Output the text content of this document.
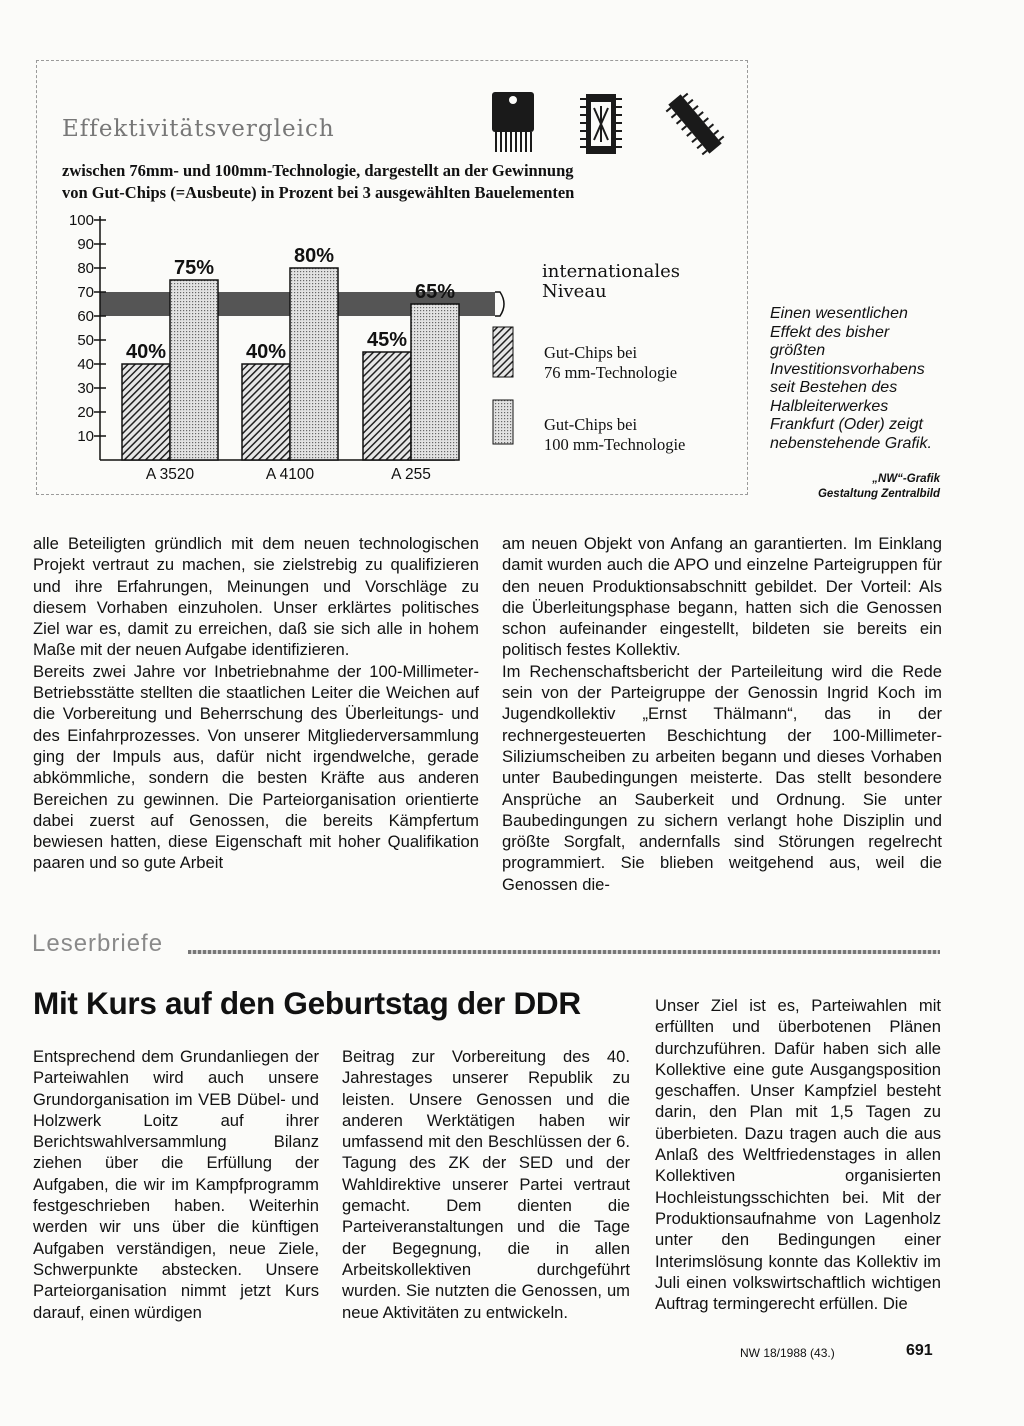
Effektivitätsvergleich
zwischen 76mm- und 100mm-Technologie, dargestellt an der Gewinnung
von Gut-Chips (=Ausbeute) in Prozent bei 3 ausgewählten Bauelementen
10
20
30
40
50
60
70
80
90
100
40%
75%
A 3520
40%
80%
A 4100
45%
65%
A 255
internationales Niveau
Gut-Chips bei 76 mm-Technologie
Gut-Chips bei 100 mm-Technologie
Einen wesentlichen Effekt des bisher größten Investitionsvorhabens seit Bestehen des Halbleiterwerkes Frankfurt (Oder) zeigt nebenstehende Grafik.
„NW“-Grafik
Gestaltung Zentralbild
alle Beteiligten gründlich mit dem neuen technologischen Projekt vertraut zu machen, sie zielstrebig zu qualifizieren und ihre Erfahrungen, Meinungen und Vorschläge zu diesem Vorhaben einzuholen. Unser erklärtes politisches Ziel war es, damit zu erreichen, daß sie sich alle in hohem Maße mit der neuen Aufgabe identifizieren.
Bereits zwei Jahre vor Inbetriebnahme der 100-Millimeter-Betriebsstätte stellten die staatlichen Leiter die Weichen auf die Vorbereitung und Beherrschung des Überleitungs- und des Einfahrprozesses. Von unserer Mitgliederversammlung ging der Impuls aus, dafür nicht irgendwelche, gerade abkömmliche, sondern die besten Kräfte aus anderen Bereichen zu gewinnen. Die Parteiorganisation orientierte dabei zuerst auf Genossen, die bereits Kämpfertum bewiesen hatten, diese Eigenschaft mit hoher Qualifikation paaren und so gute Arbeit
am neuen Objekt von Anfang an garantierten. Im Einklang damit wurden auch die APO und einzelne Parteigruppen für den neuen Produktionsabschnitt gebildet. Der Vorteil: Als die Überleitungsphase begann, hatten sich die Genossen schon aufeinander eingestellt, bildeten sie bereits ein politisch festes Kollektiv.
Im Rechenschaftsbericht der Parteileitung wird die Rede sein von der Parteigruppe der Genossin Ingrid Koch im Jugendkollektiv „Ernst Thälmann“, das in der rechnergesteuerten Beschichtung der 100-Millimeter-Siliziumscheiben zu arbeiten begann und dieses Vorhaben unter Baubedingungen meisterte. Das stellt besondere Ansprüche an Sauberkeit und Ordnung. Sie unter Baubedingungen zu sichern verlangt hohe Disziplin und größte Sorgfalt, andernfalls sind Störungen regelrecht programmiert. Sie blieben weitgehend aus, weil die Genossen die-
Leserbriefe
Mit Kurs auf den Geburtstag der DDR
Entsprechend dem Grundanliegen der Parteiwahlen wird auch unsere Grundorganisation im VEB Dübel- und Holzwerk Loitz auf ihrer Berichtswahlversammlung Bilanz ziehen über die Erfüllung der Aufgaben, die wir im Kampfprogramm festgeschrieben haben. Weiterhin werden wir uns über die künftigen Aufgaben verständigen, neue Ziele, Schwerpunkte abstecken. Unsere Parteiorganisation nimmt jetzt Kurs darauf, einen würdigen
Beitrag zur Vorbereitung des 40. Jahrestages unserer Republik zu leisten. Unsere Genossen und die anderen Werktätigen haben wir umfassend mit den Beschlüssen der 6. Tagung des ZK der SED und der Wahldirektive unserer Partei vertraut gemacht. Dem dienten die Parteiveranstaltungen und die Tage der Begegnung, die in allen Arbeitskollektiven durchgeführt wurden. Sie nutzten die Genossen, um neue Aktivitäten zu entwickeln.
Unser Ziel ist es, Parteiwahlen mit erfüllten und überbotenen Plänen durchzuführen. Dafür haben sich alle Kollektive eine gute Ausgangsposition geschaffen. Unser Kampfziel besteht darin, den Plan mit 1,5 Tagen zu überbieten. Dazu tragen auch die aus Anlaß des Weltfriedenstages in allen Kollektiven organisierten Hochleistungsschichten bei. Mit der Produktionsaufnahme von Lagenholz unter den Bedingungen einer Interimslösung konnte das Kollektiv im Juli einen volkswirtschaftlich wichtigen Auftrag termingerecht erfüllen. Die
NW 18/1988 (43.)	691
